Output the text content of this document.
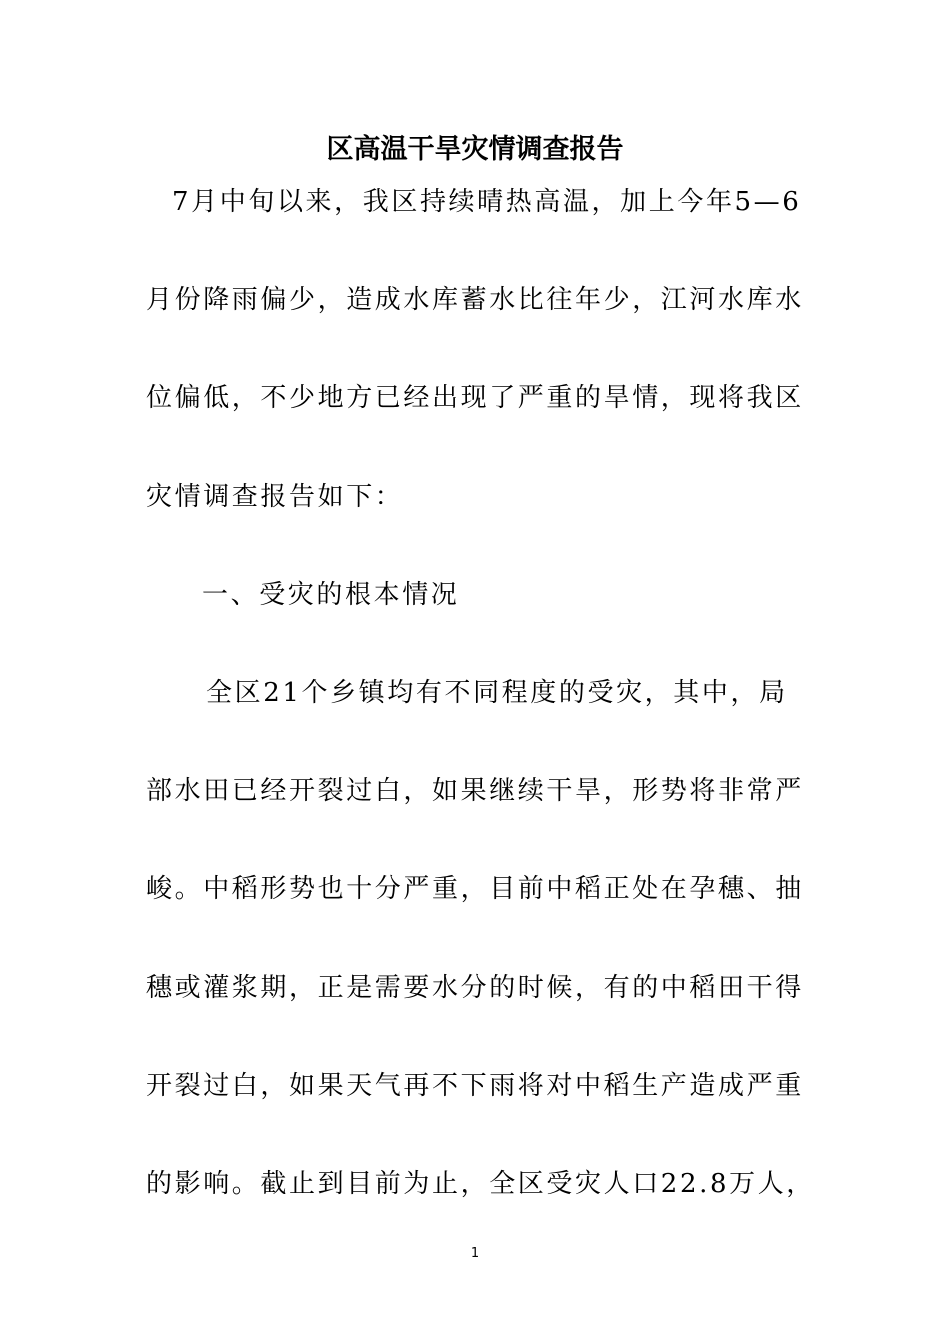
区高温干旱灾情调查报告
7月中旬以来，我区持续晴热高温，加上今年5—6
月份降雨偏少，造成水库蓄水比往年少，江河水库水
位偏低，不少地方已经出现了严重的旱情，现将我区
灾情调查报告如下：
一、受灾的根本情况
全区21个乡镇均有不同程度的受灾，其中，局
部水田已经开裂过白，如果继续干旱，形势将非常严
峻。中稻形势也十分严重，目前中稻正处在孕穗、抽
穗或灌浆期，正是需要水分的时候，有的中稻田干得
开裂过白，如果天气再不下雨将对中稻生产造成严重
的影响。截止到目前为止，全区受灾人口22.8万人，
1
